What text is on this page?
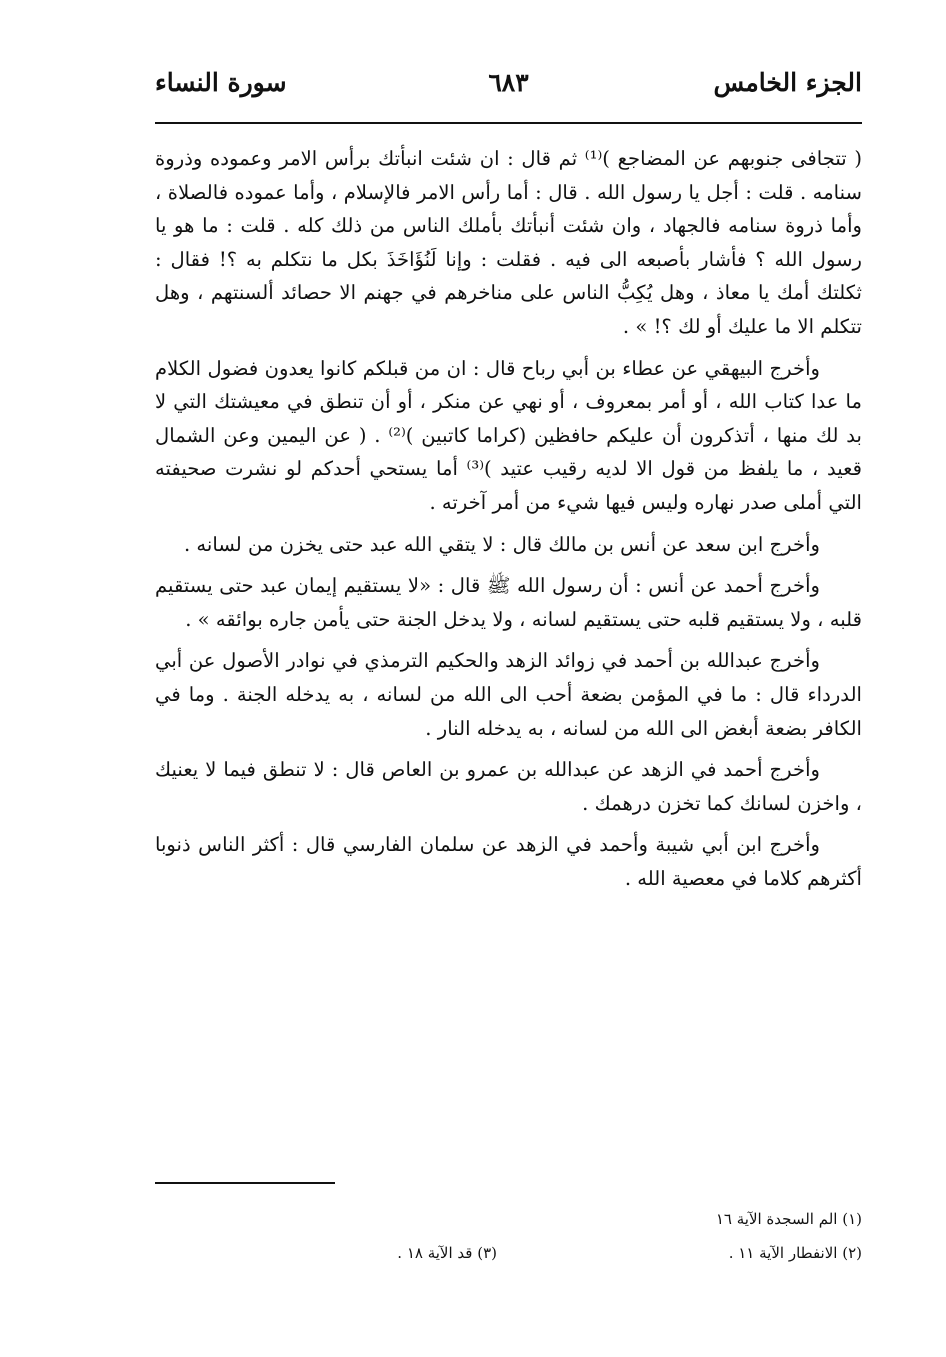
الجزء الخامس
٦٨٣
سورة النساء

( تتجافى جنوبهم عن المضاجع )⁽¹⁾ ثم قال : ان شئت انبأتك برأس الامر وعموده وذروة سنامه . قلت : أجل يا رسول الله . قال : أما رأس الامر فالإسلام ، وأما عموده فالصلاة ، وأما ذروة سنامه فالجهاد ، وان شئت أنبأتك بأملك الناس من ذلك كله . قلت : ما هو يا رسول الله ؟ فأشار بأصبعه الى فيه . فقلت : وإنا لَنُؤَاخَذَ بكل ما نتكلم به ؟! فقال : ثكلتك أمك يا معاذ ، وهل يُكِبُّ الناس على مناخرهم في جهنم الا حصائد ألسنتهم ، وهل تتكلم الا ما عليك أو لك ؟! » .

وأخرج البيهقي عن عطاء بن أبي رباح قال : ان من قبلكم كانوا يعدون فضول الكلام ما عدا كتاب الله ، أو أمر بمعروف ، أو نهي عن منكر ، أو أن تنطق في معيشتك التي لا بد لك منها ، أتذكرون أن عليكم حافظين (كراما كاتبين )⁽²⁾ . ( عن اليمين وعن الشمال قعيد ، ما يلفظ من قول الا لديه رقيب عتيد )⁽³⁾ أما يستحي أحدكم لو نشرت صحيفته التي أملى صدر نهاره وليس فيها شيء من أمر آخرته .

وأخرج ابن سعد عن أنس بن مالك قال : لا يتقي الله عبد حتى يخزن من لسانه .

وأخرج أحمد عن أنس : أن رسول الله ﷺ قال : «لا يستقيم إيمان عبد حتى يستقيم قلبه ، ولا يستقيم قلبه حتى يستقيم لسانه ، ولا يدخل الجنة حتى يأمن جاره بوائقه » .

وأخرج عبدالله بن أحمد في زوائد الزهد والحكيم الترمذي في نوادر الأصول عن أبي الدرداء قال : ما في المؤمن بضعة أحب الى الله من لسانه ، به يدخله الجنة . وما في الكافر بضعة أبغض الى الله من لسانه ، به يدخله النار .

وأخرج أحمد في الزهد عن عبدالله بن عمرو بن العاص قال : لا تنطق فيما لا يعنيك ، واخزن لسانك كما تخزن درهمك .

وأخرج ابن أبي شيبة وأحمد في الزهد عن سلمان الفارسي قال : أكثر الناس ذنوبا أكثرهم كلاما في معصية الله .

(١) الم السجدة الآية ١٦
(٢) الانفطار الآية ١١ .
(٣) قد الآية ١٨ .
